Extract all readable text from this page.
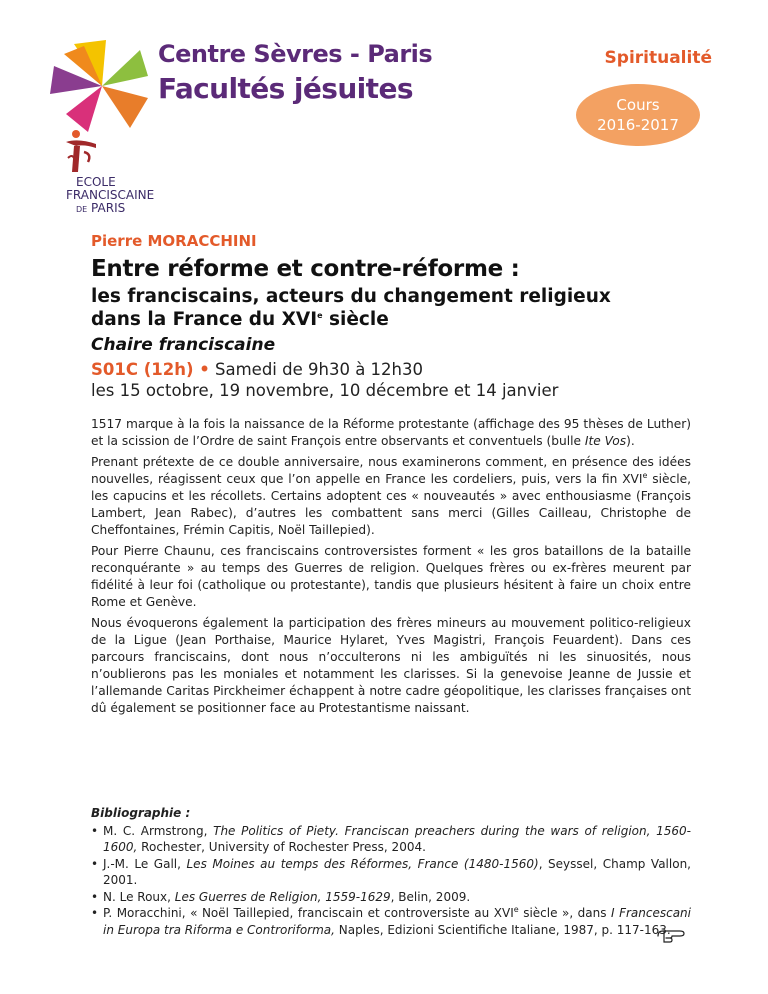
Centre Sèvres - Paris
Facultés jésuites
Spiritualité
Cours
2016-2017
ECOLE
FRANCISCAINE
DE PARIS
Pierre MORACCHINI
Entre réforme et contre-réforme :
les franciscains, acteurs du changement religieux
dans la France du XVIe siècle
Chaire franciscaine
S01C (12h) • Samedi de 9h30 à 12h30
les 15 octobre, 19 novembre, 10 décembre et 14 janvier

1517 marque à la fois la naissance de la Réforme protestante (affichage des 95 thèses de Luther) et la scission de l’Ordre de saint François entre observants et conventuels (bulle Ite Vos).

Prenant prétexte de ce double anniversaire, nous examinerons comment, en présence des idées nouvelles, réagissent ceux que l’on appelle en France les cordeliers, puis, vers la fin XVIe siècle, les capucins et les récollets. Certains adoptent ces « nouveautés » avec enthousiasme (François Lambert, Jean Rabec), d’autres les combattent sans merci (Gilles Cailleau, Christophe de Cheffontaines, Frémin Capitis, Noël Taillepied).

Pour Pierre Chaunu, ces franciscains controversistes forment « les gros bataillons de la bataille reconquérante » au temps des Guerres de religion. Quelques frères ou ex-frères meurent par fidélité à leur foi (catholique ou protestante), tandis que plusieurs hésitent à faire un choix entre Rome et Genève.

Nous évoquerons également la participation des frères mineurs au mouvement politico-religieux de la Ligue (Jean Porthaise, Maurice Hylaret, Yves Magistri, François Feuardent). Dans ces parcours franciscains, dont nous n’occulterons ni les ambiguïtés ni les sinuosités, nous n’oublierons pas les moniales et notamment les clarisses. Si la genevoise Jeanne de Jussie et l’allemande Caritas Pirckheimer échappent à notre cadre géopolitique, les clarisses françaises ont dû également se positionner face au Protestantisme naissant.

Bibliographie :
• M. C. Armstrong, The Politics of Piety. Franciscan preachers during the wars of religion, 1560-1600, Rochester, University of Rochester Press, 2004.
• J.-M. Le Gall, Les Moines au temps des Réformes, France (1480-1560), Seyssel, Champ Vallon, 2001.
• N. Le Roux, Les Guerres de Religion, 1559-1629, Belin, 2009.
• P. Moracchini, « Noël Taillepied, franciscain et controversiste au XVIe siècle », dans I Francescani in Europa tra Riforma e Controriforma, Naples, Edizioni Scientifiche Italiane, 1987, p. 117-163.
